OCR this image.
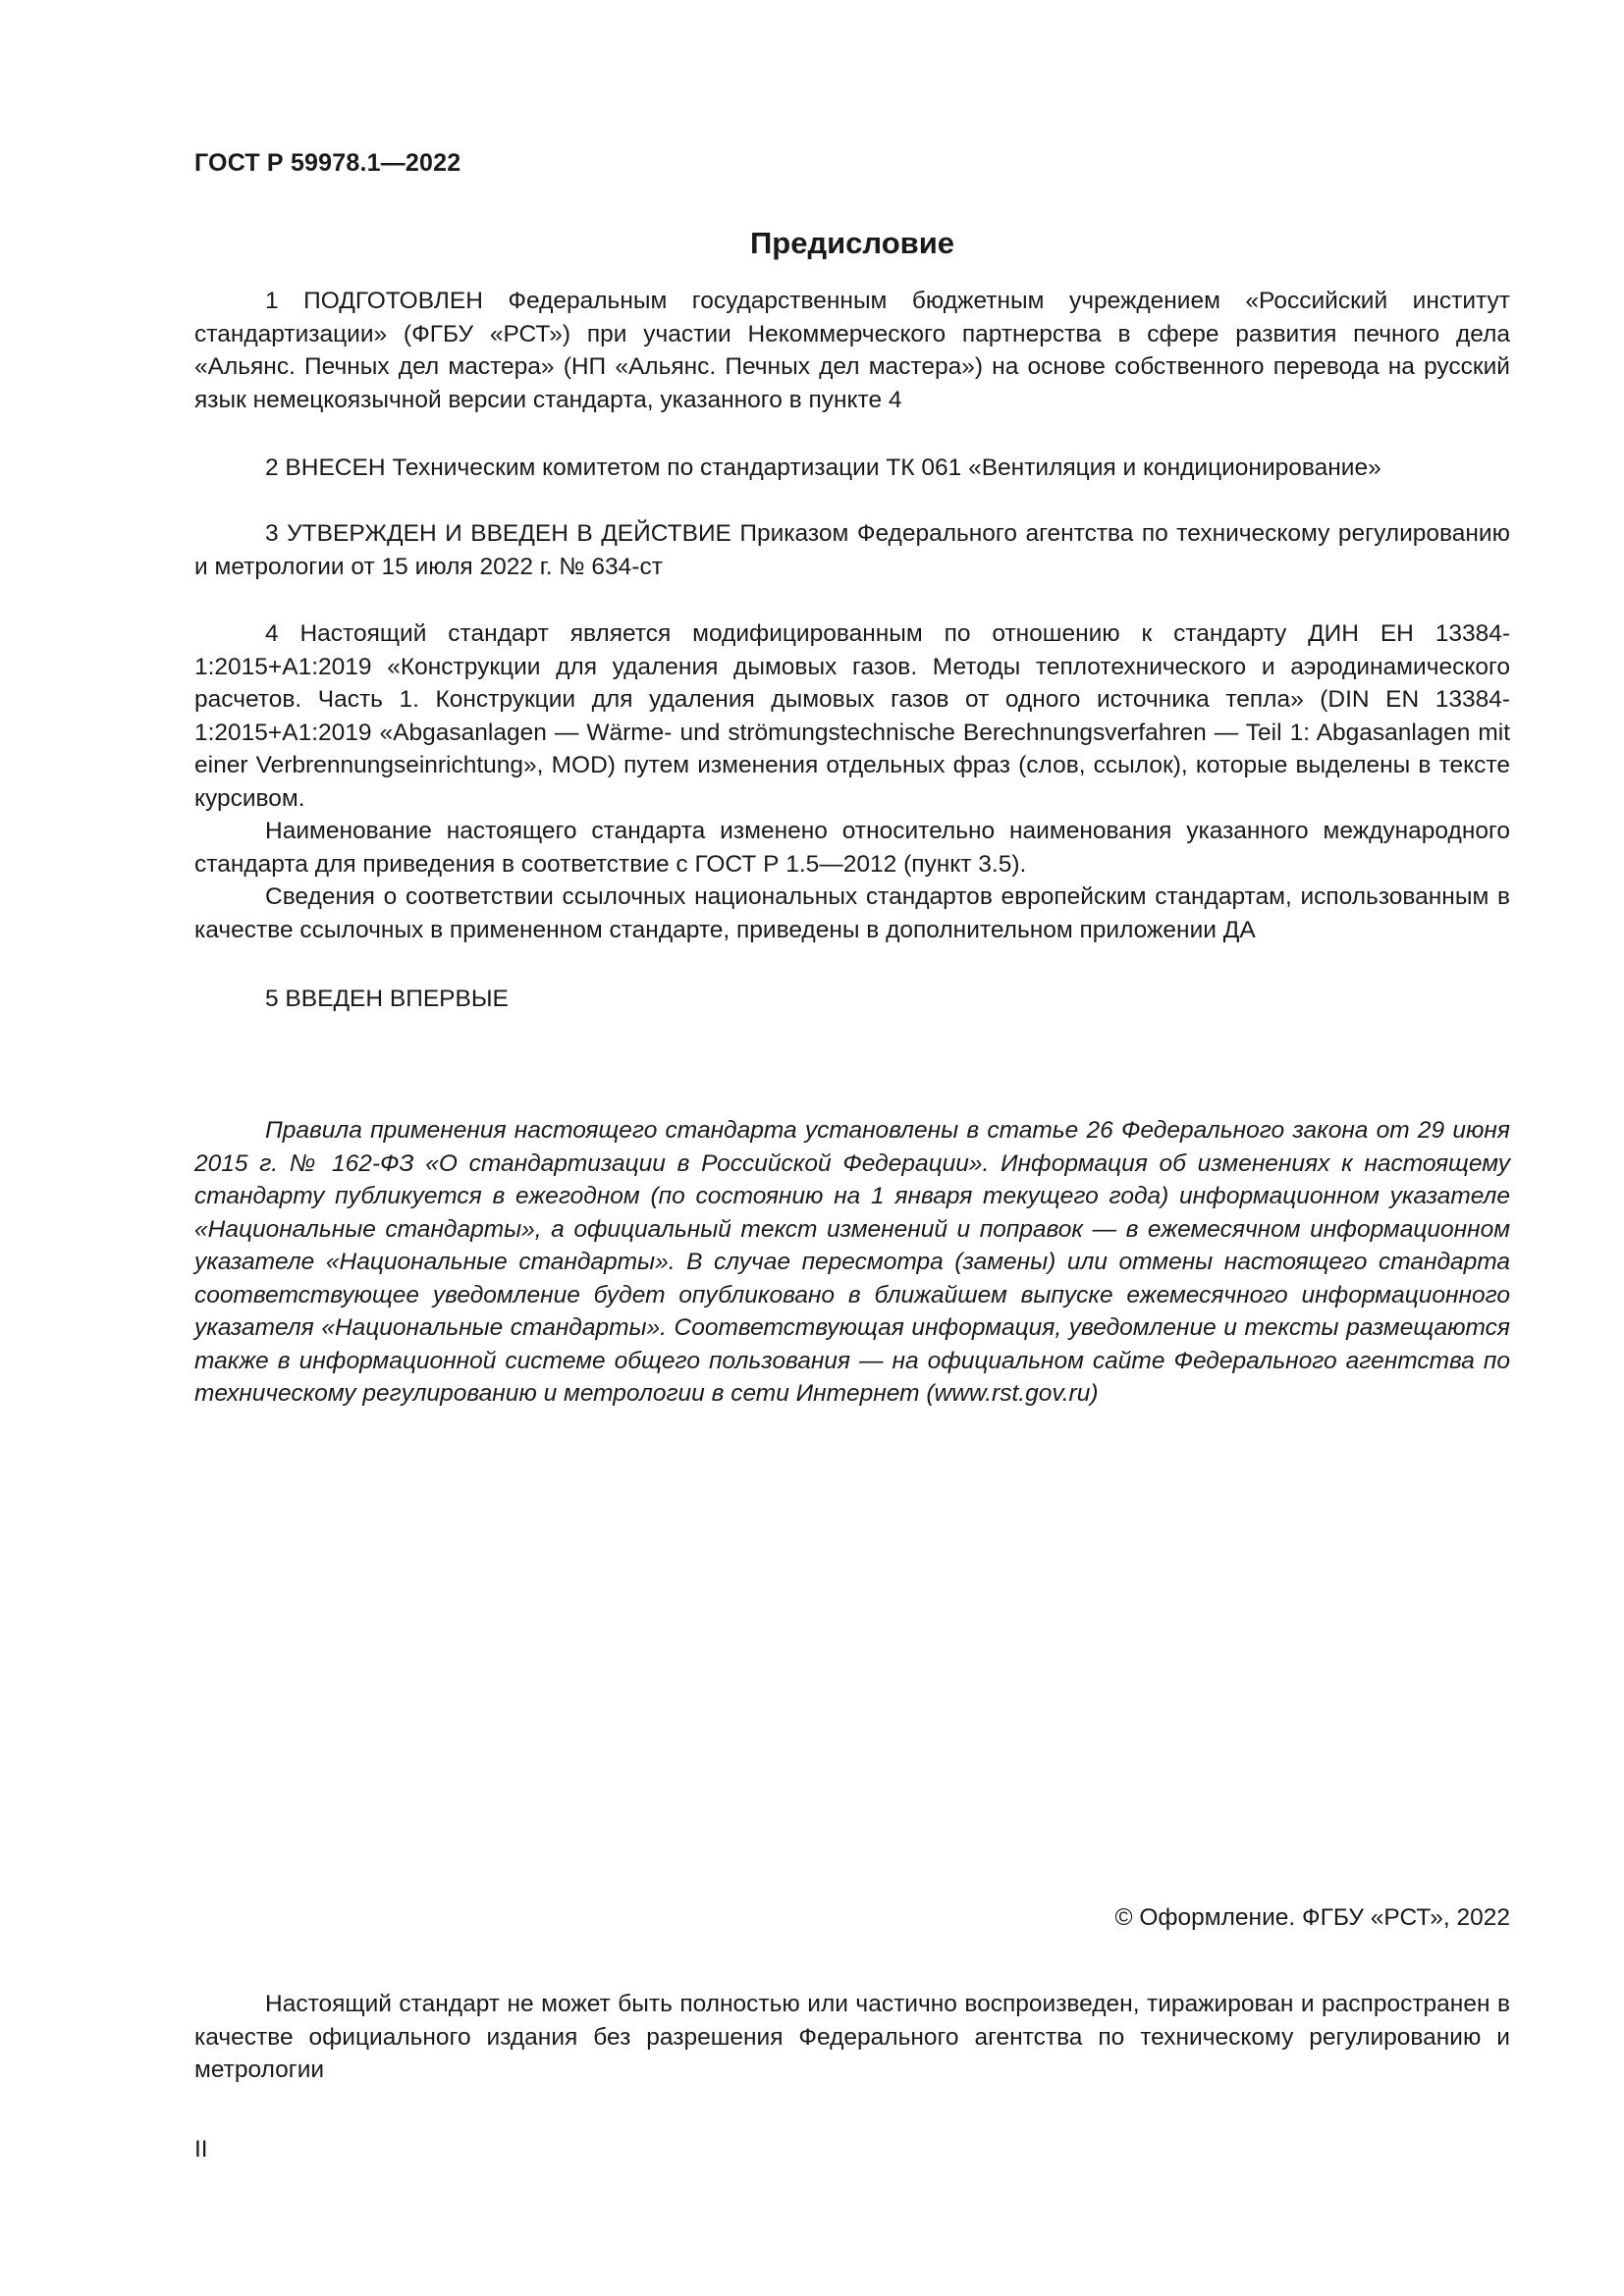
ГОСТ Р 59978.1—2022
Предисловие

1 ПОДГОТОВЛЕН Федеральным государственным бюджетным учреждением «Российский институт стандартизации» (ФГБУ «РСТ») при участии Некоммерческого партнерства в сфере развития печного дела «Альянс. Печных дел мастера» (НП «Альянс. Печных дел мастера») на основе собственного перевода на русский язык немецкоязычной версии стандарта, указанного в пункте 4

2 ВНЕСЕН Техническим комитетом по стандартизации ТК 061 «Вентиляция и кондиционирование»

3 УТВЕРЖДЕН И ВВЕДЕН В ДЕЙСТВИЕ Приказом Федерального агентства по техническому регулированию и метрологии от 15 июля 2022 г. № 634-ст

4 Настоящий стандарт является модифицированным по отношению к стандарту ДИН ЕН 13384-1:2015+А1:2019 «Конструкции для удаления дымовых газов. Методы теплотехнического и аэродинамического расчетов. Часть 1. Конструкции для удаления дымовых газов от одного источника тепла» (DIN EN 13384-1:2015+A1:2019 «Abgasanlagen — Wärme- und strömungstechnische Berechnungsverfahren — Teil 1: Abgasanlagen mit einer Verbrennungseinrichtung», MOD) путем изменения отдельных фраз (слов, ссылок), которые выделены в тексте курсивом.

Наименование настоящего стандарта изменено относительно наименования указанного международного стандарта для приведения в соответствие с ГОСТ Р 1.5—2012 (пункт 3.5).

Сведения о соответствии ссылочных национальных стандартов европейским стандартам, использованным в качестве ссылочных в примененном стандарте, приведены в дополнительном приложении ДА

5 ВВЕДЕН ВПЕРВЫЕ

Правила применения настоящего стандарта установлены в статье 26 Федерального закона от 29 июня 2015 г. № 162-ФЗ «О стандартизации в Российской Федерации». Информация об изменениях к настоящему стандарту публикуется в ежегодном (по состоянию на 1 января текущего года) информационном указателе «Национальные стандарты», а официальный текст изменений и поправок — в ежемесячном информационном указателе «Национальные стандарты». В случае пересмотра (замены) или отмены настоящего стандарта соответствующее уведомление будет опубликовано в ближайшем выпуске ежемесячного информационного указателя «Национальные стандарты». Соответствующая информация, уведомление и тексты размещаются также в информационной системе общего пользования — на официальном сайте Федерального агентства по техническому регулированию и метрологии в сети Интернет (www.rst.gov.ru)

© Оформление. ФГБУ «РСТ», 2022

Настоящий стандарт не может быть полностью или частично воспроизведен, тиражирован и распространен в качестве официального издания без разрешения Федерального агентства по техническому регулированию и метрологии

II
